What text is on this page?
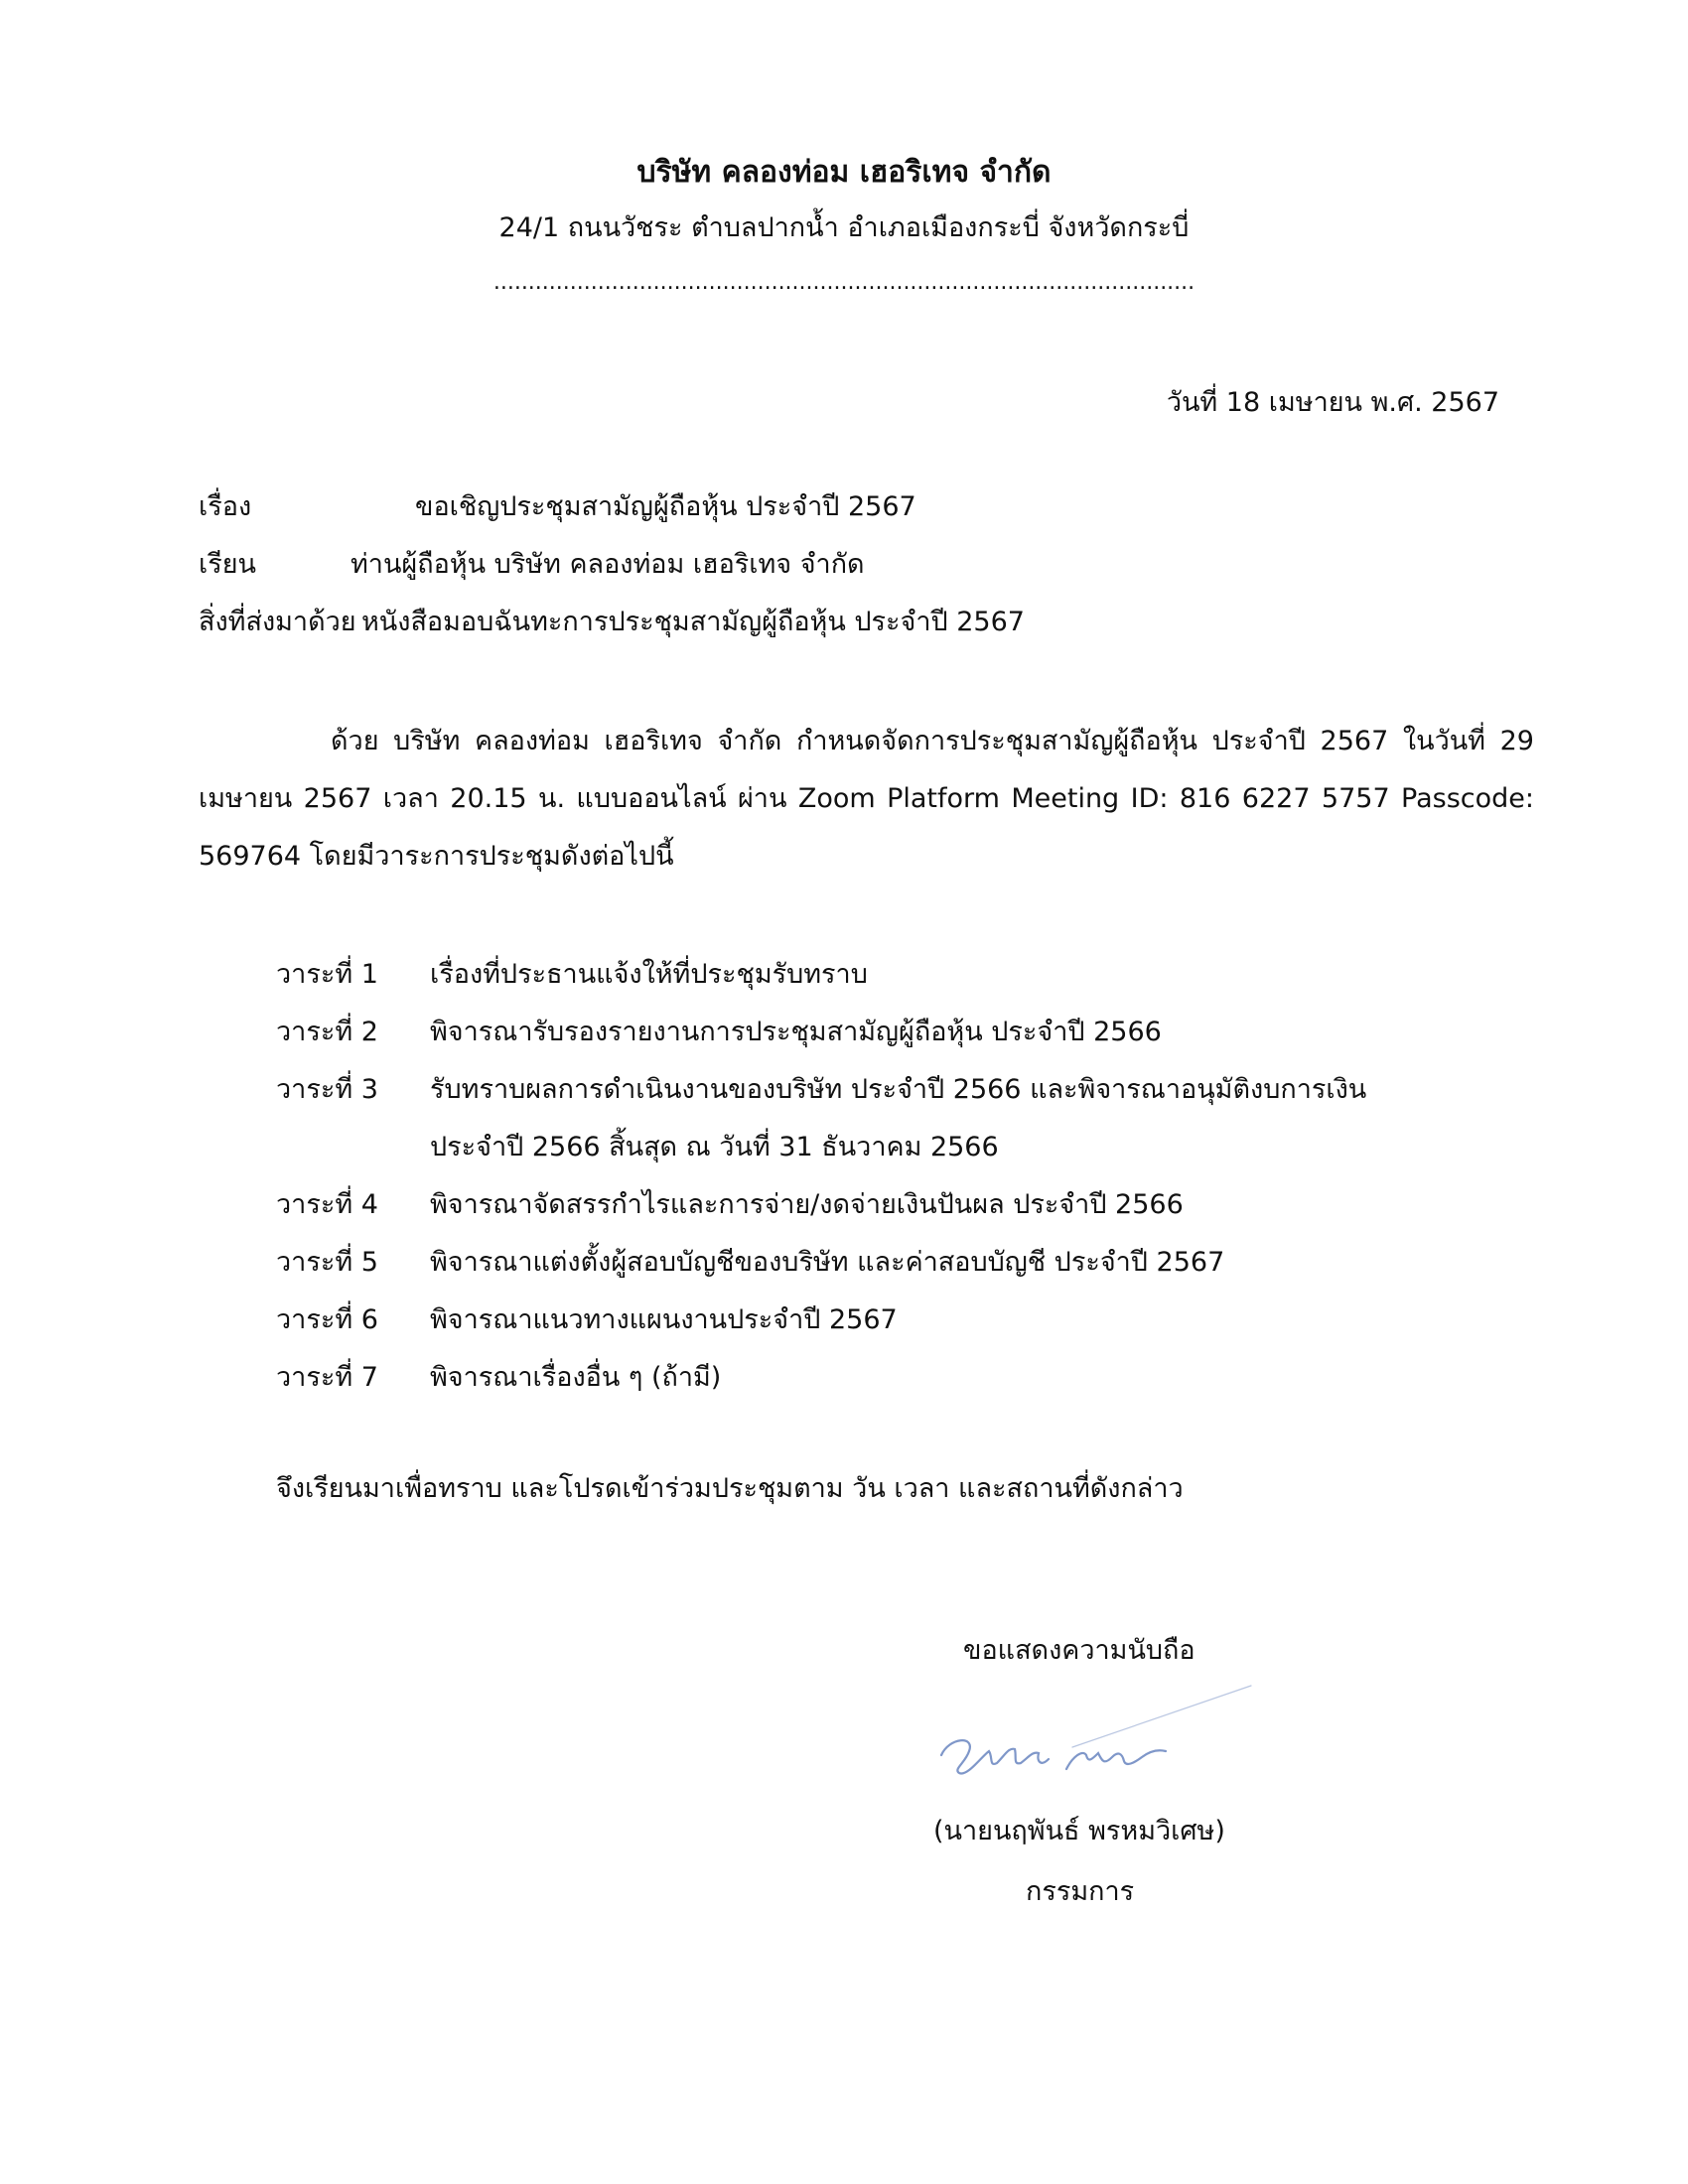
บริษัท คลองท่อม เฮอริเทจ จำกัด
24/1 ถนนวัชระ ตำบลปากน้ำ อำเภอเมืองกระบี่ จังหวัดกระบี่
.....................................................................................................
วันที่ 18 เมษายน พ.ศ. 2567
เรื่อง	ขอเชิญประชุมสามัญผู้ถือหุ้น ประจำปี 2567
เรียน	ท่านผู้ถือหุ้น บริษัท คลองท่อม เฮอริเทจ จำกัด
สิ่งที่ส่งมาด้วย หนังสือมอบฉันทะการประชุมสามัญผู้ถือหุ้น ประจำปี 2567
ด้วย บริษัท คลองท่อม เฮอริเทจ จำกัด กำหนดจัดการประชุมสามัญผู้ถือหุ้น ประจำปี 2567 ในวันที่ 29 เมษายน 2567 เวลา 20.15 น. แบบออนไลน์ ผ่าน Zoom Platform Meeting ID: 816 6227 5757 Passcode: 569764 โดยมีวาระการประชุมดังต่อไปนี้
วาระที่ 1 เรื่องที่ประธานแจ้งให้ที่ประชุมรับทราบ
วาระที่ 2 พิจารณารับรองรายงานการประชุมสามัญผู้ถือหุ้น ประจำปี 2566
วาระที่ 3 รับทราบผลการดำเนินงานของบริษัท ประจำปี 2566 และพิจารณาอนุมัติงบการเงิน
ประจำปี 2566 สิ้นสุด ณ วันที่ 31 ธันวาคม 2566
วาระที่ 4 พิจารณาจัดสรรกำไรและการจ่าย/งดจ่ายเงินปันผล ประจำปี 2566
วาระที่ 5 พิจารณาแต่งตั้งผู้สอบบัญชีของบริษัท และค่าสอบบัญชี ประจำปี 2567
วาระที่ 6 พิจารณาแนวทางแผนงานประจำปี 2567
วาระที่ 7 พิจารณาเรื่องอื่น ๆ (ถ้ามี)
จึงเรียนมาเพื่อทราบ และโปรดเข้าร่วมประชุมตาม วัน เวลา และสถานที่ดังกล่าว
ขอแสดงความนับถือ
(นายนฤพันธ์ พรหมวิเศษ)
กรรมการ
